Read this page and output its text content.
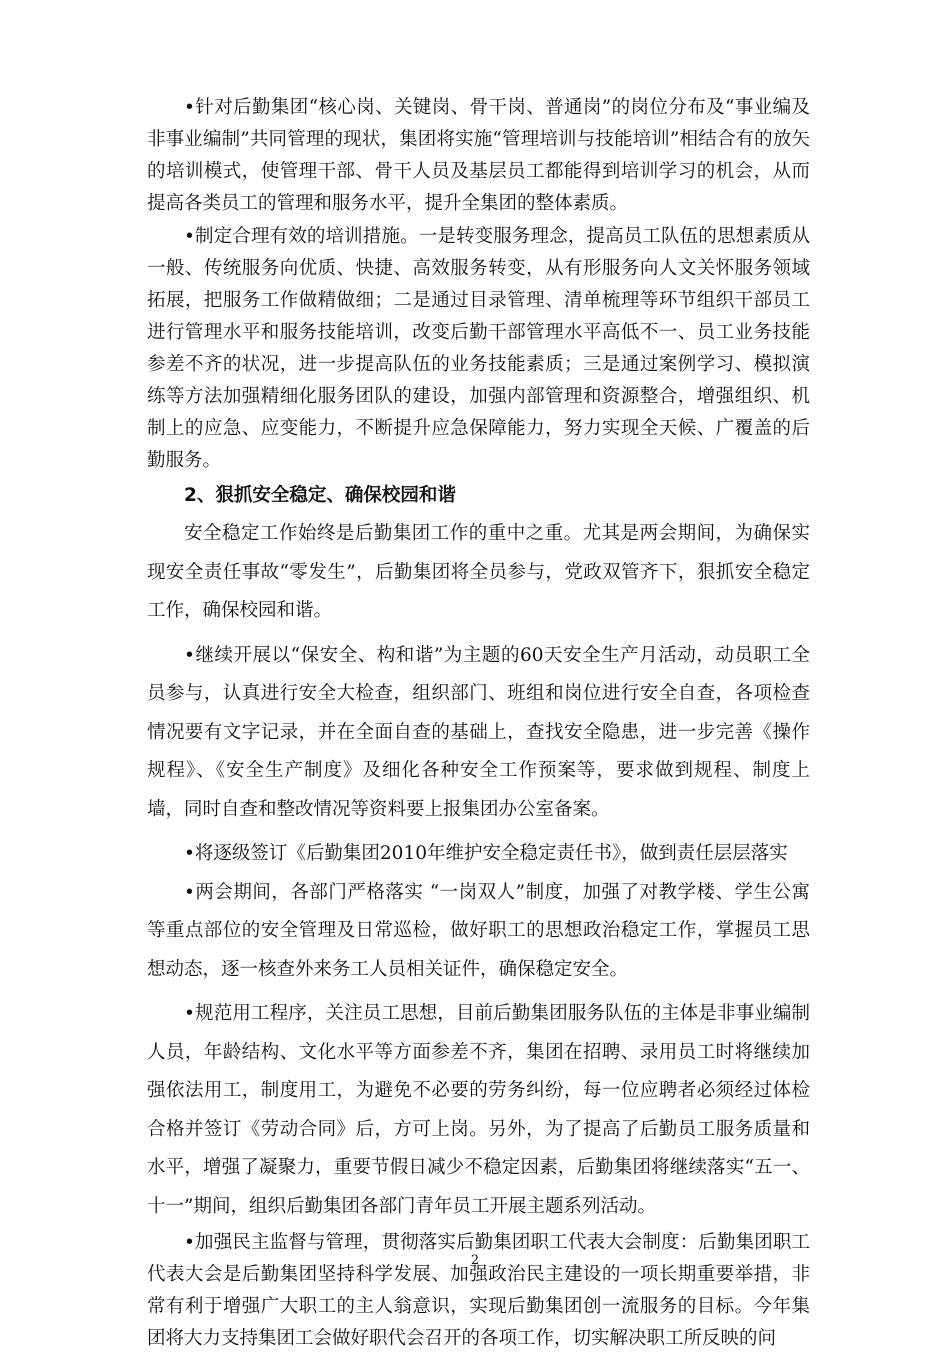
•针对后勤集团“核心岗、关键岗、骨干岗、普通岗”的岗位分布及“事业编及非事业编制”共同管理的现状，集团将实施“管理培训与技能培训”相结合有的放矢的培训模式，使管理干部、骨干人员及基层员工都能得到培训学习的机会，从而提高各类员工的管理和服务水平，提升全集团的整体素质。

•制定合理有效的培训措施。一是转变服务理念，提高员工队伍的思想素质从一般、传统服务向优质、快捷、高效服务转变，从有形服务向人文关怀服务领域拓展，把服务工作做精做细；二是通过目录管理、清单梳理等环节组织干部员工进行管理水平和服务技能培训，改变后勤干部管理水平高低不一、员工业务技能参差不齐的状况，进一步提高队伍的业务技能素质；三是通过案例学习、模拟演练等方法加强精细化服务团队的建设，加强内部管理和资源整合，增强组织、机制上的应急、应变能力，不断提升应急保障能力，努力实现全天候、广覆盖的后勤服务。

2、狠抓安全稳定、确保校园和谐

安全稳定工作始终是后勤集团工作的重中之重。尤其是两会期间，为确保实现安全责任事故“零发生”，后勤集团将全员参与，党政双管齐下，狠抓安全稳定工作，确保校园和谐。

•继续开展以“保安全、构和谐”为主题的60天安全生产月活动，动员职工全员参与，认真进行安全大检查，组织部门、班组和岗位进行安全自查，各项检查情况要有文字记录，并在全面自查的基础上，查找安全隐患，进一步完善《操作规程》、《安全生产制度》及细化各种安全工作预案等，要求做到规程、制度上墙，同时自查和整改情况等资料要上报集团办公室备案。

•将逐级签订《后勤集团2010年维护安全稳定责任书》，做到责任层层落实

•两会期间，各部门严格落实 “一岗双人”制度，加强了对教学楼、学生公寓等重点部位的安全管理及日常巡检，做好职工的思想政治稳定工作，掌握员工思想动态，逐一核查外来务工人员相关证件，确保稳定安全。

•规范用工程序，关注员工思想，目前后勤集团服务队伍的主体是非事业编制人员，年龄结构、文化水平等方面参差不齐，集团在招聘、录用员工时将继续加强依法用工，制度用工，为避免不必要的劳务纠纷，每一位应聘者必须经过体检合格并签订《劳动合同》后，方可上岗。另外，为了提高了后勤员工服务质量和水平，增强了凝聚力，重要节假日减少不稳定因素，后勤集团将继续落实“五一、十一”期间，组织后勤集团各部门青年员工开展主题系列活动。

•加强民主监督与管理，贯彻落实后勤集团职工代表大会制度：后勤集团职工代表大会是后勤集团坚持科学发展、加强政治民主建设的一项长期重要举措，非常有利于增强广大职工的主人翁意识，实现后勤集团创一流服务的目标。今年集团将大力支持集团工会做好职代会召开的各项工作，切实解决职工所反映的问

2
